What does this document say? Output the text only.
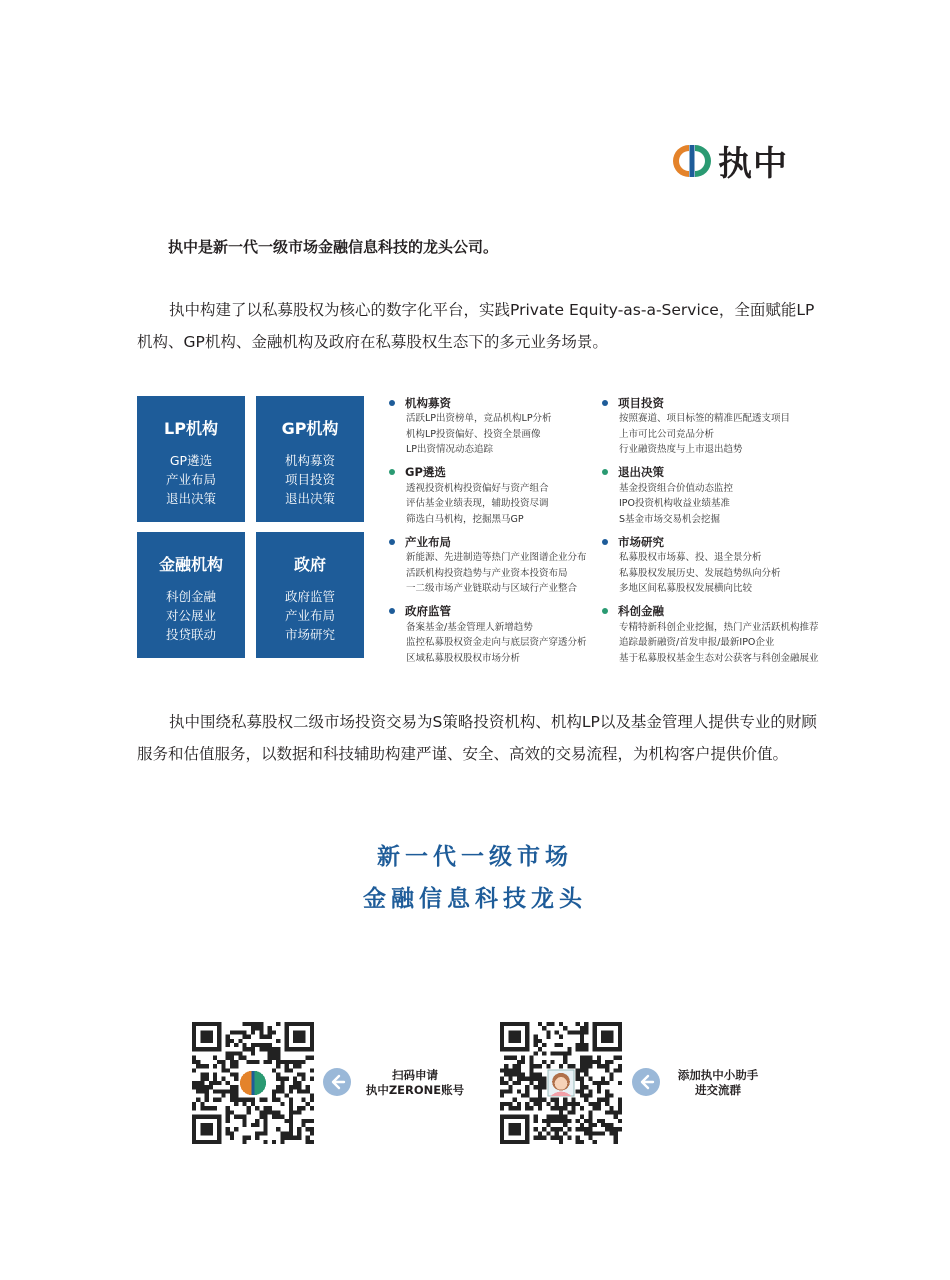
执中
执中是新一代一级市场金融信息科技的龙头公司。
执中构建了以私募股权为核心的数字化平台，实践Private Equity-as-a-Service，全面赋能LP机构、GP机构、金融机构及政府在私募股权生态下的多元业务场景。
LP机构
GP遴选
产业布局
退出决策
GP机构
机构募资
项目投资
退出决策
金融机构
科创金融
对公展业
投贷联动
政府
政府监管
产业布局
市场研究
机构募资
活跃LP出资榜单，竞品机构LP分析
机构LP投资偏好、投资全景画像
LP出资情况动态追踪
GP遴选
透视投资机构投资偏好与资产组合
评估基金业绩表现，辅助投资尽调
筛选白马机构，挖掘黑马GP
产业布局
新能源、先进制造等热门产业图谱企业分布
活跃机构投资趋势与产业资本投资布局
一二级市场产业链联动与区域行产业整合
政府监管
备案基金/基金管理人新增趋势
监控私募股权资金走向与底层资产穿透分析
区域私募股权股权市场分析
项目投资
按照赛道、项目标签的精准匹配透支项目
上市可比公司竞品分析
行业融资热度与上市退出趋势
退出决策
基金投资组合价值动态监控
IPO投资机构收益业绩基准
S基金市场交易机会挖掘
市场研究
私募股权市场募、投、退全景分析
私募股权发展历史、发展趋势纵向分析
多地区间私募股权发展横向比较
科创金融
专精特新科创企业挖掘，热门产业活跃机构推荐
追踪最新融资/首发申报/最新IPO企业
基于私募股权基金生态对公获客与科创金融展业
执中围绕私募股权二级市场投资交易为S策略投资机构、机构LP以及基金管理人提供专业的财顾服务和估值服务，以数据和科技辅助构建严谨、安全、高效的交易流程，为机构客户提供价值。
新一代一级市场
金融信息科技龙头
扫码申请
执中ZERONE账号
添加执中小助手
进交流群
